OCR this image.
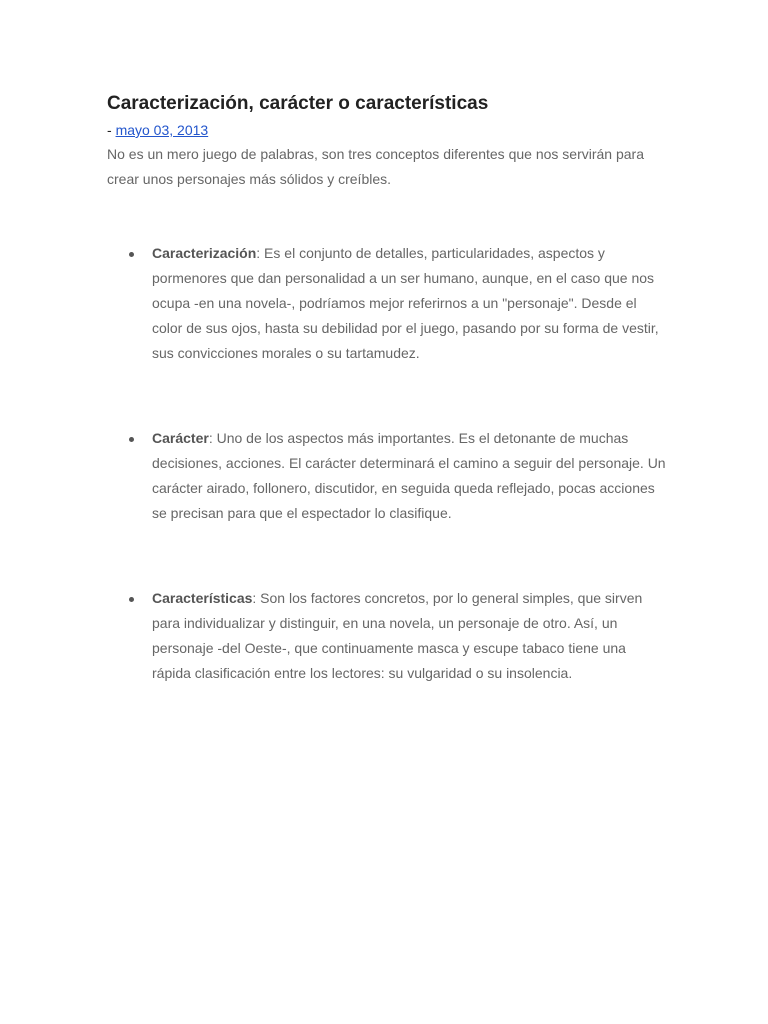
Caracterización, carácter o características
- mayo 03, 2013

No es un mero juego de palabras, son tres conceptos diferentes que nos servirán para crear unos personajes más sólidos y creíbles.

Caracterización: Es el conjunto de detalles, particularidades, aspectos y pormenores que dan personalidad a un ser humano, aunque, en el caso que nos ocupa -en una novela-, podríamos mejor referirnos a un "personaje". Desde el color de sus ojos, hasta su debilidad por el juego, pasando por su forma de vestir, sus convicciones morales o su tartamudez.
Carácter: Uno de los aspectos más importantes. Es el detonante de muchas decisiones, acciones. El carácter determinará el camino a seguir del personaje. Un carácter airado, follonero, discutidor, en seguida queda reflejado, pocas acciones se precisan para que el espectador lo clasifique.
Características: Son los factores concretos, por lo general simples, que sirven para individualizar y distinguir, en una novela, un personaje de otro. Así, un personaje -del Oeste-, que continuamente masca y escupe tabaco tiene una rápida clasificación entre los lectores: su vulgaridad o su insolencia.
